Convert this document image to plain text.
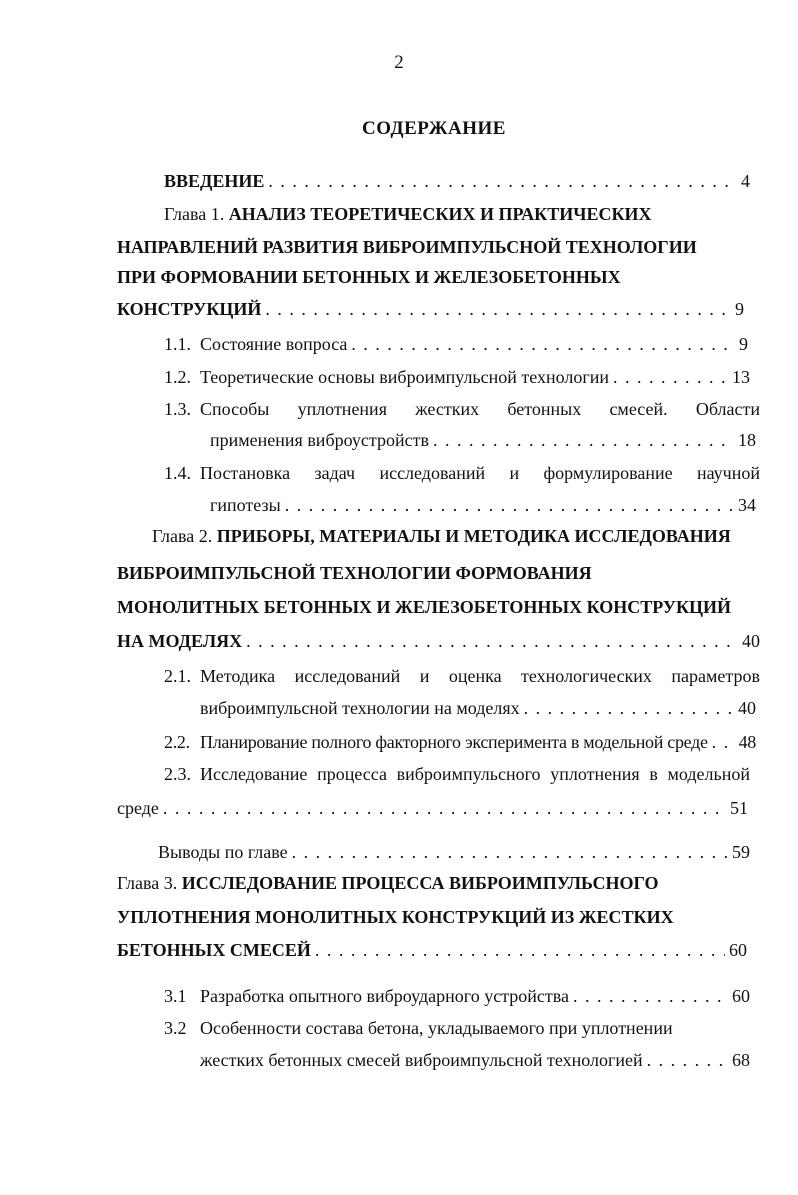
2
СОДЕРЖАНИЕ
ВВЕДЕНИЕ . . .	4
Глава 1. АНАЛИЗ ТЕОРЕТИЧЕСКИХ И ПРАКТИЧЕСКИХ
НАПРАВЛЕНИЙ РАЗВИТИЯ ВИБРОИМПУЛЬСНОЙ ТЕХНОЛОГИИ
ПРИ ФОРМОВАНИИ БЕТОННЫХ И ЖЕЛЕЗОБЕТОННЫХ
КОНСТРУКЦИЙ . . .	9
1.1. Состояние вопроса . . .	9
1.2. Теоретические основы виброимпульсной технологии . . .	13
1.3. Способы уплотнения жестких бетонных смесей. Области
применения виброустройств . . .	18
1.4. Постановка задач исследований и формулирование научной
гипотезы . . .	34
Глава 2. ПРИБОРЫ, МАТЕРИАЛЫ И МЕТОДИКА ИССЛЕДОВАНИЯ
ВИБРОИМПУЛЬСНОЙ ТЕХНОЛОГИИ ФОРМОВАНИЯ
МОНОЛИТНЫХ БЕТОННЫХ И ЖЕЛЕЗОБЕТОННЫХ КОНСТРУКЦИЙ
НА МОДЕЛЯХ . . .	40
2.1. Методика исследований и оценка технологических параметров
виброимпульсной технологии на моделях . . .	40
2.2. Планирование полного факторного эксперимента в модельной среде . . . 48
2.3. Исследование процесса виброимпульсного уплотнения в модельной
среде . . .	51
Выводы по главе . . .	59
Глава 3. ИССЛЕДОВАНИЕ ПРОЦЕССА ВИБРОИМПУЛЬСНОГО
УПЛОТНЕНИЯ МОНОЛИТНЫХ КОНСТРУКЦИЙ ИЗ ЖЕСТКИХ
БЕТОННЫХ СМЕСЕЙ . . .	60
3.1 Разработка опытного виброударного устройства . . .	60
3.2 Особенности состава бетона, укладываемого при уплотнении
жестких бетонных смесей виброимпульсной технологией . . .	68
